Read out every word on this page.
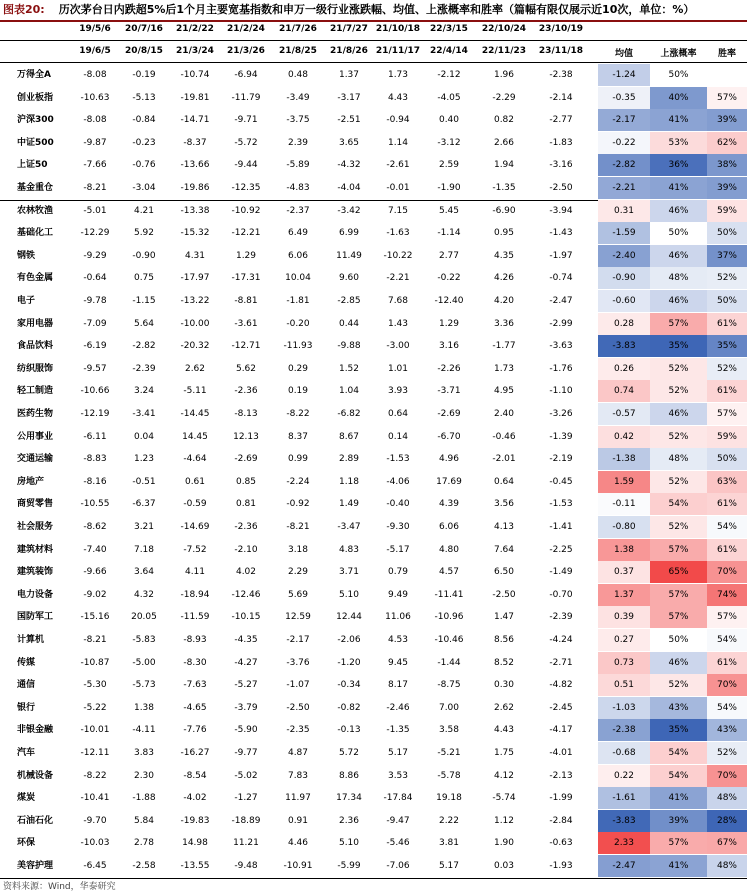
图表20: 历次茅台日内跌超5%后1个月主要宽基指数和申万一级行业涨跌幅、均值、上涨概率和胜率（篇幅有限仅展示近10次，单位：%）
19/5/6	20/7/16	21/2/22	21/2/24	21/7/26	21/7/27 21/10/18	22/3/15	22/10/24	23/10/19
19/6/5	20/8/15	21/3/24	21/3/26	21/8/25	21/8/26 21/11/17	22/4/14	22/11/23	23/11/18	均值	上涨概率	胜率
万得全A	-8.08	-0.19	-10.74	-6.94	0.48	1.37	1.73	-2.12	1.96	-2.38	-1.24	50%
创业板指	-10.63	-5.13	-19.81	-11.79	-3.49	-3.17	4.43	-4.05	-2.29	-2.14	-0.35	40%	57%
沪深300	-8.08	-0.84	-14.71	-9.71	-3.75	-2.51	-0.94	0.40	0.82	-2.77	-2.17	41%	39%
中证500	-9.87	-0.23	-8.37	-5.72	2.39	3.65	1.14	-3.12	2.66	-1.83	-0.22	53%	62%
上证50	-7.66	-0.76	-13.66	-9.44	-5.89	-4.32	-2.61	2.59	1.94	-3.16	-2.82	36%	38%
基金重仓	-8.21	-3.04	-19.86	-12.35	-4.83	-4.04	-0.01	-1.90	-1.35	-2.50	-2.21	41%	39%
农林牧渔	-5.01	4.21	-13.38	-10.92	-2.37	-3.42	7.15	5.45	-6.90	-3.94	0.31	46%	59%
基础化工	-12.29	5.92	-15.32	-12.21	6.49	6.99	-1.63	-1.14	0.95	-1.43	-1.59	50%	50%
钢铁	-9.29	-0.90	4.31	1.29	6.06	11.49	-10.22	2.77	4.35	-1.97	-2.40	46%	37%
有色金属	-0.64	0.75	-17.97	-17.31	10.04	9.60	-2.21	-0.22	4.26	-0.74	-0.90	48%	52%
电子	-9.78	-1.15	-13.22	-8.81	-1.81	-2.85	7.68	-12.40	4.20	-2.47	-0.60	46%	50%
家用电器	-7.09	5.64	-10.00	-3.61	-0.20	0.44	1.43	1.29	3.36	-2.99	0.28	57%	61%
食品饮料	-6.19	-2.82	-20.32	-12.71	-11.93	-9.88	-3.00	3.16	-1.77	-3.63	-3.83	35%	35%
纺织服饰	-9.57	-2.39	2.62	5.62	0.29	1.52	1.01	-2.26	1.73	-1.76	0.26	52%	52%
轻工制造	-10.66	3.24	-5.11	-2.36	0.19	1.04	3.93	-3.71	4.95	-1.10	0.74	52%	61%
医药生物	-12.19	-3.41	-14.45	-8.13	-8.22	-6.82	0.64	-2.69	2.40	-3.26	-0.57	46%	57%
公用事业	-6.11	0.04	14.45	12.13	8.37	8.67	0.14	-6.70	-0.46	-1.39	0.42	52%	59%
交通运输	-8.83	1.23	-4.64	-2.69	0.99	2.89	-1.53	4.96	-2.01	-2.19	-1.38	48%	50%
房地产	-8.16	-0.51	0.61	0.85	-2.24	1.18	-4.06	17.69	0.64	-0.45	1.59	52%	63%
商贸零售	-10.55	-6.37	-0.59	0.81	-0.92	1.49	-0.40	4.39	3.56	-1.53	-0.11	54%	61%
社会服务	-8.62	3.21	-14.69	-2.36	-8.21	-3.47	-9.30	6.06	4.13	-1.41	-0.80	52%	54%
建筑材料	-7.40	7.18	-7.52	-2.10	3.18	4.83	-5.17	4.80	7.64	-2.25	1.38	57%	61%
建筑装饰	-9.66	3.64	4.11	4.02	2.29	3.71	0.79	4.57	6.50	-1.49	0.37	65%	70%
电力设备	-9.02	4.32	-18.94	-12.46	5.69	5.10	9.49	-11.41	-2.50	-0.70	1.37	57%	74%
国防军工	-15.16	20.05	-11.59	-10.15	12.59	12.44	11.06	-10.96	1.47	-2.39	0.39	57%	57%
计算机	-8.21	-5.83	-8.93	-4.35	-2.17	-2.06	4.53	-10.46	8.56	-4.24	0.27	50%	54%
传媒	-10.87	-5.00	-8.30	-4.27	-3.76	-1.20	9.45	-1.44	8.52	-2.71	0.73	46%	61%
通信	-5.30	-5.73	-7.63	-5.27	-1.07	-0.34	8.17	-8.75	0.30	-4.82	0.51	52%	70%
银行	-5.22	1.38	-4.65	-3.79	-2.50	-0.82	-2.46	7.00	2.62	-2.45	-1.03	43%	54%
非银金融	-10.01	-4.11	-7.76	-5.90	-2.35	-0.13	-1.35	3.58	4.43	-4.17	-2.38	35%	43%
汽车	-12.11	3.83	-16.27	-9.77	4.87	5.72	5.17	-5.21	1.75	-4.01	-0.68	54%	52%
机械设备	-8.22	2.30	-8.54	-5.02	7.83	8.86	3.53	-5.78	4.12	-2.13	0.22	54%	70%
煤炭	-10.41	-1.88	-4.02	-1.27	11.97	17.34	-17.84	19.18	-5.74	-1.99	-1.61	41%	48%
石油石化	-9.70	5.84	-19.83	-18.89	0.91	2.36	-9.47	2.22	1.12	-2.84	-3.83	39%	28%
环保	-10.03	2.78	14.98	11.21	4.46	5.10	-5.46	3.81	1.90	-0.63	2.33	57%	67%
美容护理	-6.45	-2.58	-13.55	-9.48	-10.91	-5.99	-7.06	5.17	0.03	-1.93	-2.47	41%	48%
资料来源：Wind，华泰研究
